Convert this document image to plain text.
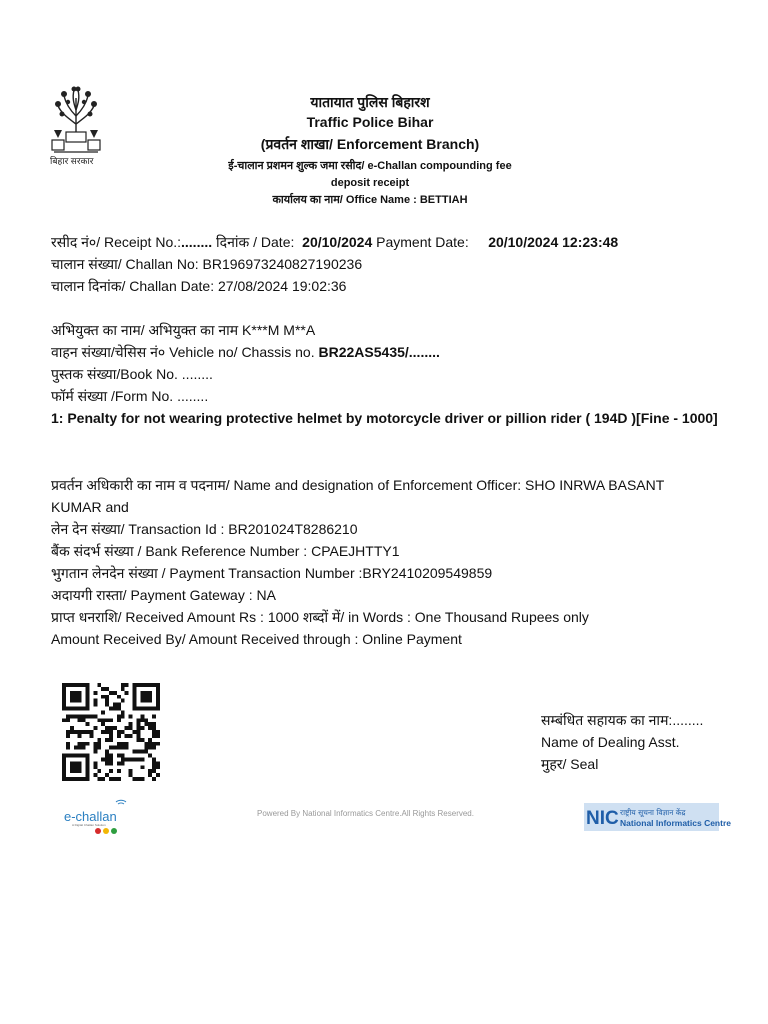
बिहार सरकार
यातायात पुलिस बिहारश
Traffic Police Bihar
(प्रवर्तन शाखा/ Enforcement Branch)
ई-चालान प्रशमन शुल्क जमा रसीद/ e-Challan compounding fee
deposit receipt
कार्यालय का नाम/ Office Name : BETTIAH
रसीद नं०/ Receipt No.:........ दिनांक / Date: 20/10/2024 Payment Date: 20/10/2024 12:23:48
चालान संख्या/ Challan No: BR196973240827190236
चालान दिनांक/ Challan Date: 27/08/2024 19:02:36
अभियुक्त का नाम/ अभियुक्त का नाम K***M M**A
वाहन संख्या/चेसिस नं० Vehicle no/ Chassis no. BR22AS5435/........
पुस्तक संख्या/Book No. ........
फॉर्म संख्या /Form No. ........
1: Penalty for not wearing protective helmet by motorcycle driver or pillion rider ( 194D )[Fine - 1000]
प्रवर्तन अधिकारी का नाम व पदनाम/ Name and designation of Enforcement Officer: SHO INRWA BASANT KUMAR and
लेन देन संख्या/ Transaction Id : BR201024T8286210
बैंक संदर्भ संख्या / Bank Reference Number : CPAEJHTTY1
भुगतान लेनदेन संख्या / Payment Transaction Number :BRY2410209549859
अदायगी रास्ता/ Payment Gateway : NA
प्राप्त धनराशि/ Received Amount Rs : 1000 शब्दों में/ in Words : One Thousand Rupees only
Amount Received By/ Amount Received through : Online Payment
सम्बंधित सहायक का नाम:........
Name of Dealing Asst.
मुहर/ Seal
e-challan
A Digital Challan Solution
Powered By National Informatics Centre.All Rights Reserved.	NIC राष्ट्रीय सूचना विज्ञान केंद्र
National Informatics Centre
